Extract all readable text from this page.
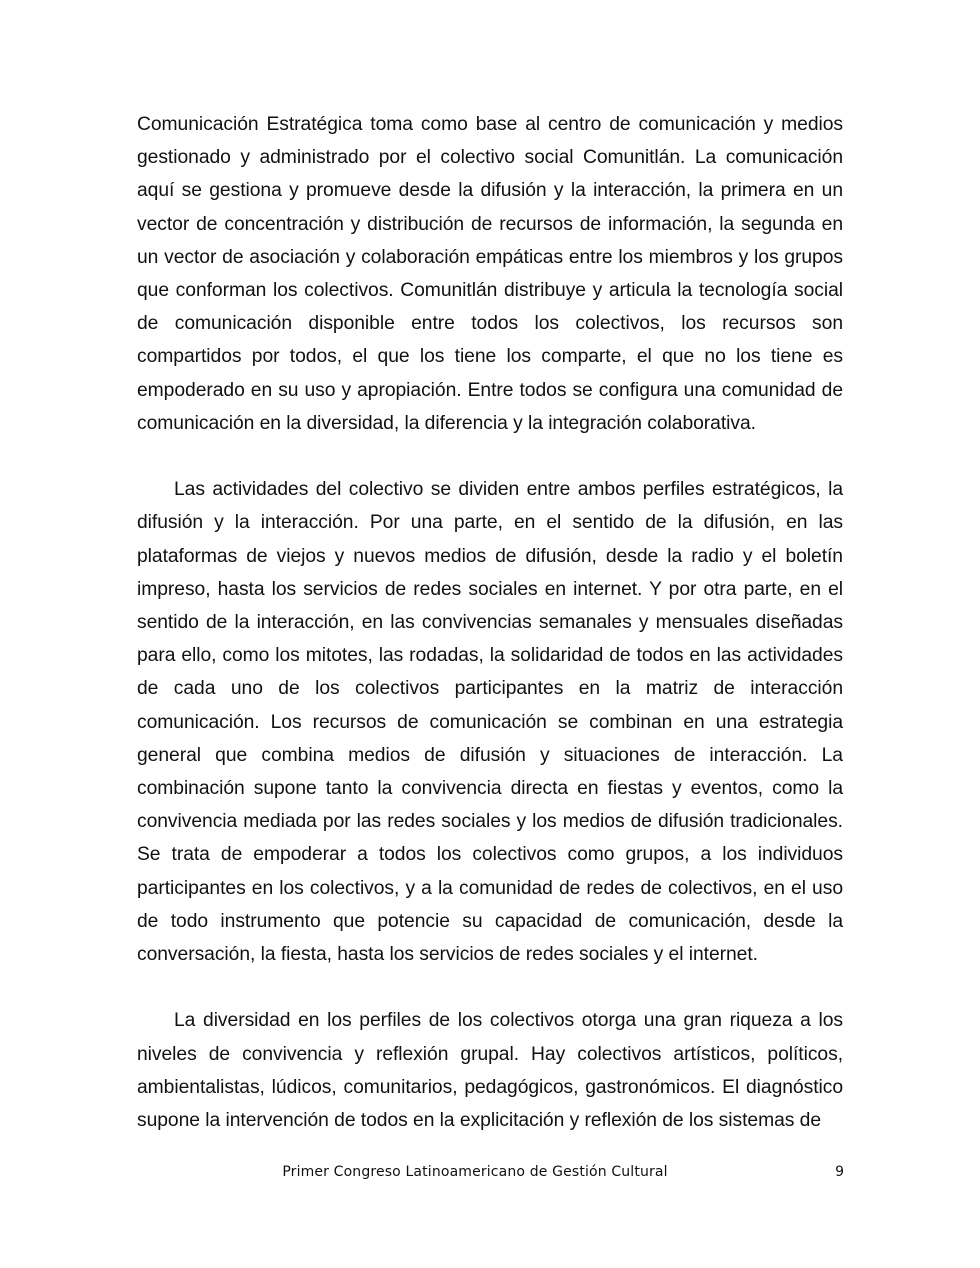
Comunicación Estratégica toma como base al centro de comunicación y medios gestionado y administrado por el colectivo social Comunitlán. La comunicación aquí se gestiona y promueve desde la difusión y la interacción, la primera en un vector de concentración y distribución de recursos de información, la segunda en un vector de asociación y colaboración empáticas entre los miembros y los grupos que conforman los colectivos. Comunitlán distribuye y articula la tecnología social de comunicación disponible entre todos los colectivos, los recursos son compartidos por todos, el que los tiene los comparte, el que no los tiene es empoderado en su uso y apropiación. Entre todos se configura una comunidad de comunicación en la diversidad, la diferencia y la integración colaborativa.

Las actividades del colectivo se dividen entre ambos perfiles estratégicos, la difusión y la interacción. Por una parte, en el sentido de la difusión, en las plataformas de viejos y nuevos medios de difusión, desde la radio y el boletín impreso, hasta los servicios de redes sociales en internet. Y por otra parte, en el sentido de la interacción, en las convivencias semanales y mensuales diseñadas para ello, como los mitotes, las rodadas, la solidaridad de todos en las actividades de cada uno de los colectivos participantes en la matriz de interacción comunicación. Los recursos de comunicación se combinan en una estrategia general que combina medios de difusión y situaciones de interacción. La combinación supone tanto la convivencia directa en fiestas y eventos, como la convivencia mediada por las redes sociales y los medios de difusión tradicionales. Se trata de empoderar a todos los colectivos como grupos, a los individuos participantes en los colectivos, y a la comunidad de redes de colectivos, en el uso de todo instrumento que potencie su capacidad de comunicación, desde la conversación, la fiesta, hasta los servicios de redes sociales y el internet.

La diversidad en los perfiles de los colectivos otorga una gran riqueza a los niveles de convivencia y reflexión grupal. Hay colectivos artísticos, políticos, ambientalistas, lúdicos, comunitarios, pedagógicos, gastronómicos. El diagnóstico supone la intervención de todos en la explicitación y reflexión de los sistemas de

Primer Congreso Latinoamericano de Gestión Cultural	9
